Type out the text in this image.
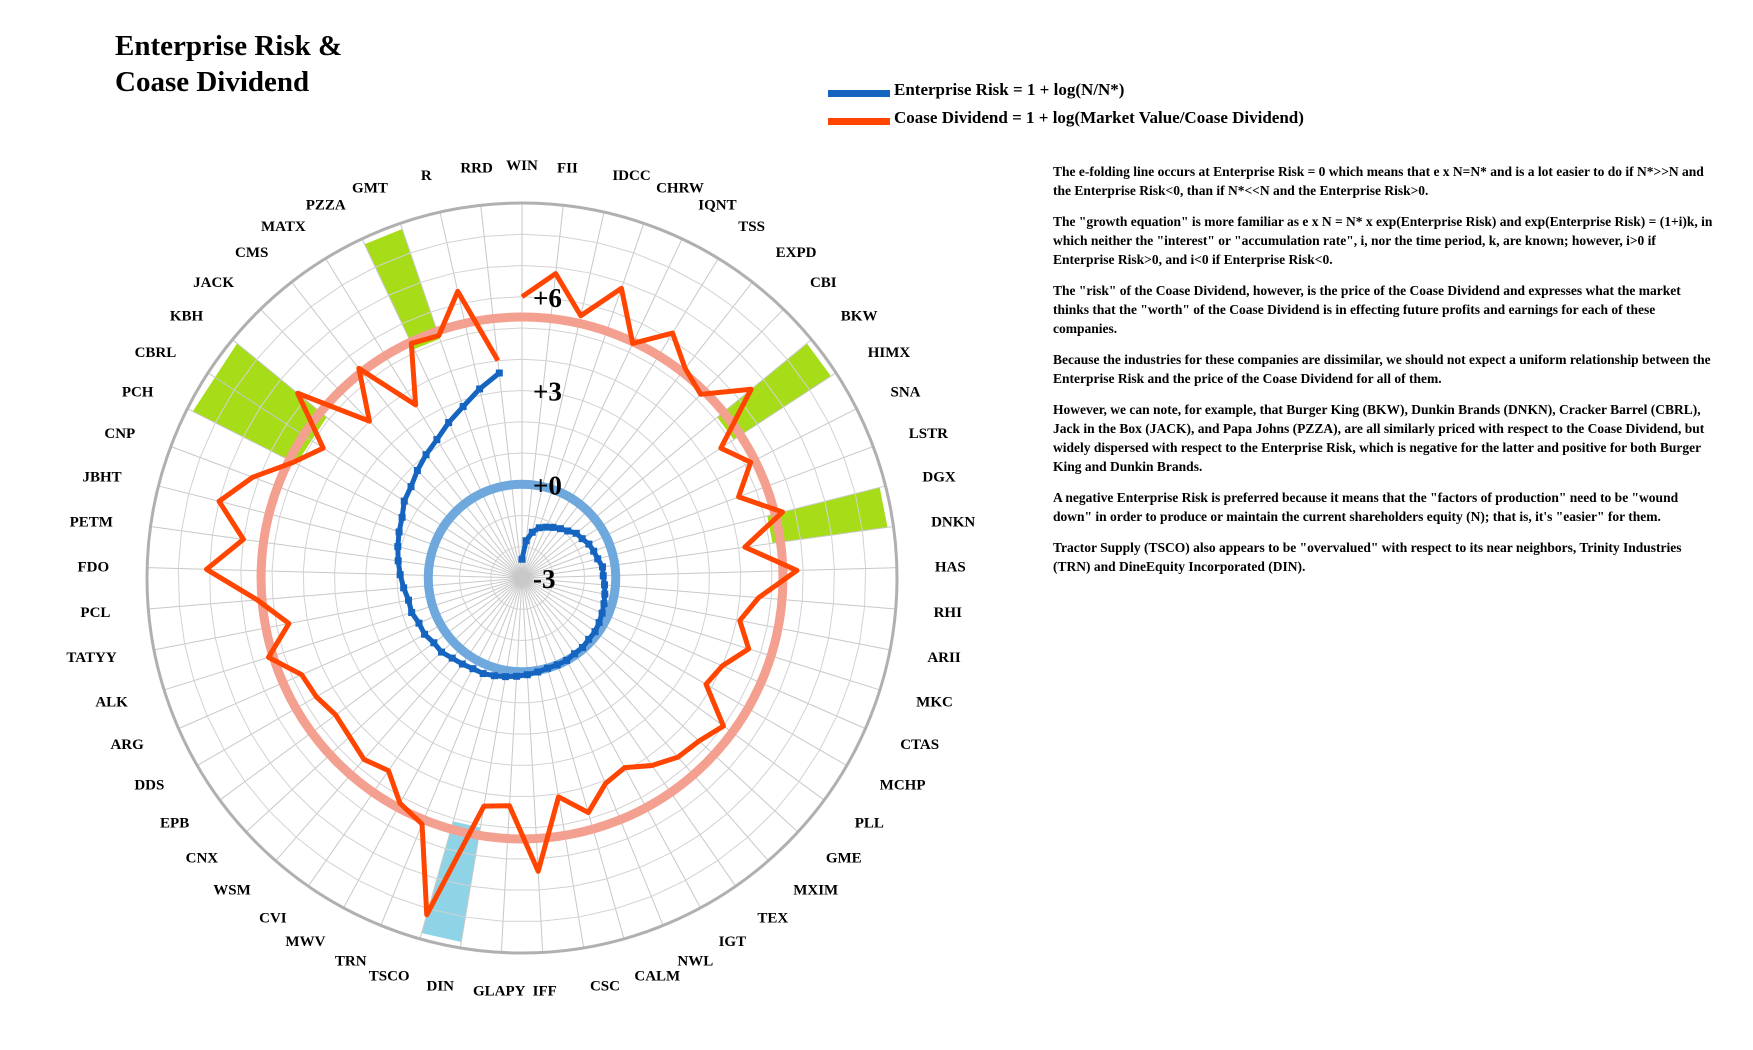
-3
+0
+3
+6
WIN FII IDCC
CHRW
IQNT
TSS
EXPD
CBI
BKW
HIMX
SNA
LSTR
DGX
DNKN
HAS
RHI
ARII
MKC
CTAS
MCHP
PLL
GME
MXIM
TEX
IGT
NWL
CALM
CSC
IFF
GLAPY
DIN
TSCO
TRN
MWV
CVI
WSM
CNX
EPB
DDS
ARG
ALK
TATYY
PCL
FDO
PETM
JBHT
CNP
PCH
CBRL
KBH
JACK
CMS
MATX
PZZA
GMT
R RRD
Enterprise Risk &
Coase Dividend	Enterprise Risk = 1 + log(N/N*)
Coase Dividend = 1 + log(Market Value/Coase Dividend)

The e-folding line occurs at Enterprise Risk = 0 which means that e x N=N* and is a lot easier to do if N*>>N and the Enterprise Risk<0, than if N*<<N and the Enterprise Risk>0.

The "growth equation" is more familiar as e x N = N* x exp(Enterprise Risk) and exp(Enterprise Risk) = (1+i)k, in which neither the "interest" or "accumulation rate", i, nor the time period, k, are known; however, i>0 if Enterprise Risk>0, and i<0 if Enterprise Risk<0.

The "risk" of the Coase Dividend, however, is the price of the Coase Dividend and expresses what the market thinks that the "worth" of the Coase Dividend is in effecting future profits and earnings for each of these companies.

Because the industries for these companies are dissimilar, we should not expect a uniform relationship between the Enterprise Risk and the price of the Coase Dividend for all of them.

However, we can note, for example, that Burger King (BKW), Dunkin Brands (DNKN), Cracker Barrel (CBRL), Jack in the Box (JACK), and Papa Johns (PZZA), are all similarly priced with respect to the Coase Dividend, but widely dispersed with respect to the Enterprise Risk, which is negative for the latter and positive for both Burger King and Dunkin Brands.

A negative Enterprise Risk is preferred because it means that the "factors of production" need to be "wound down" in order to produce or maintain the current shareholders equity (N); that is, it's "easier" for them.

Tractor Supply (TSCO) also appears to be "overvalued" with respect to its near neighbors, Trinity Industries (TRN) and DineEquity Incorporated (DIN).
